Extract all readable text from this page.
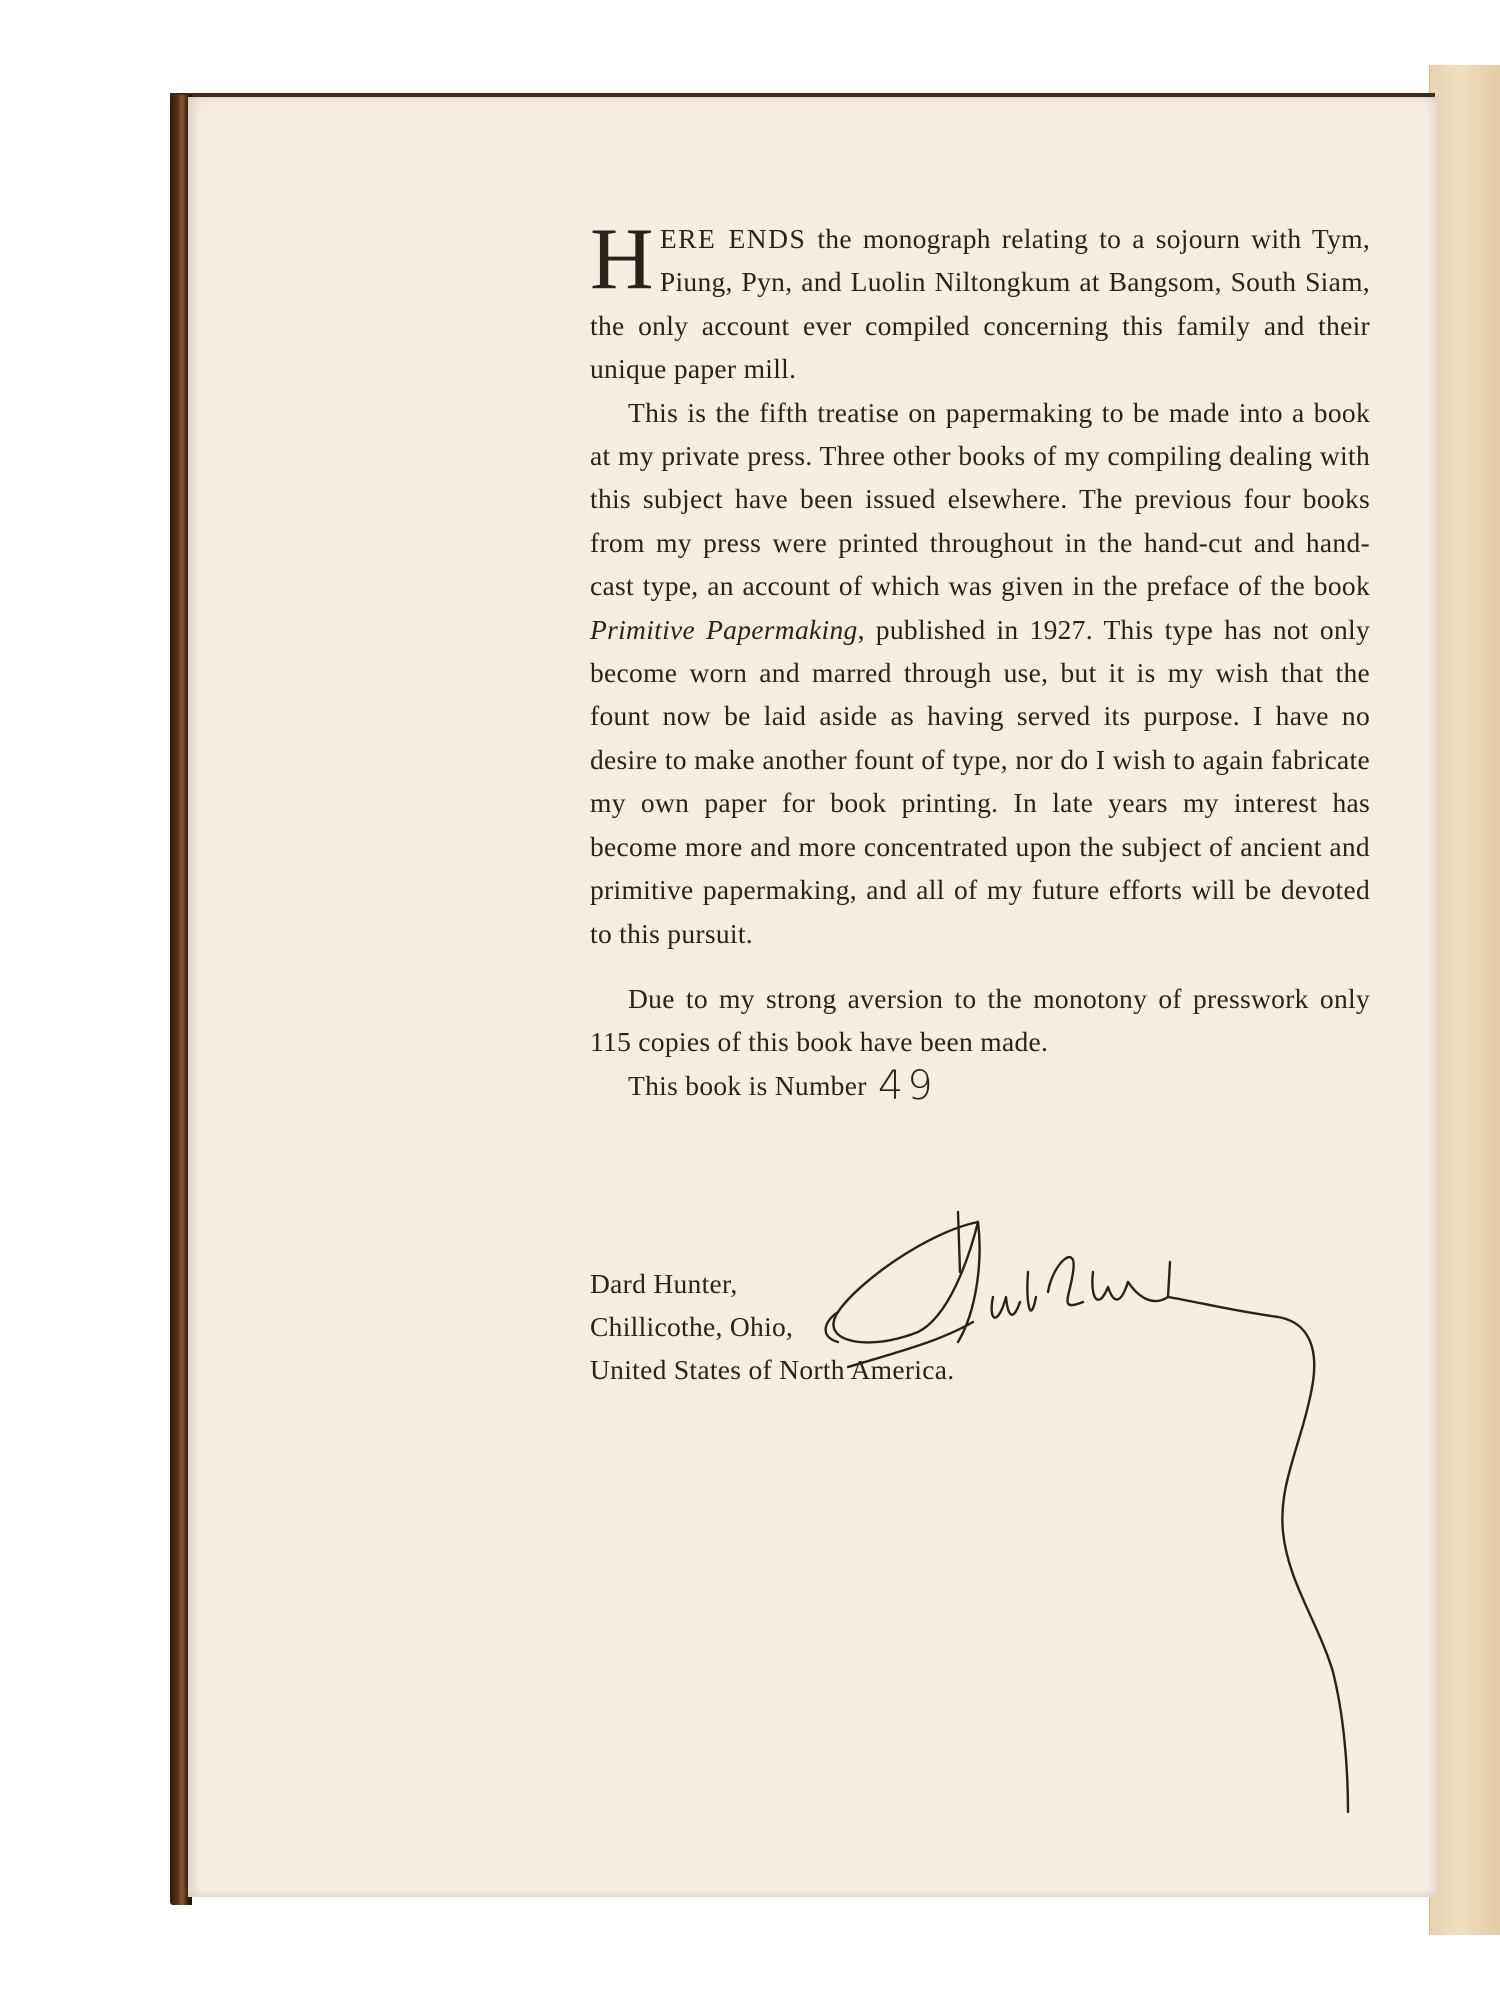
HERE ENDS the monograph relating to a sojourn with Tym, Piung, Pyn, and Luolin Niltongkum at Bangsom, South Siam, the only account ever compiled concerning this family and their unique paper mill.

This is the fifth treatise on papermaking to be made into a book at my private press. Three other books of my compiling dealing with this subject have been issued elsewhere. The previous four books from my press were printed throughout in the hand-cut and hand-cast type, an account of which was given in the preface of the book Primitive Papermaking, published in 1927. This type has not only become worn and marred through use, but it is my wish that the fount now be laid aside as having served its purpose. I have no desire to make another fount of type, nor do I wish to again fabricate my own paper for book printing. In late years my interest has become more and more concentrated upon the subject of ancient and primitive papermaking, and all of my future efforts will be devoted to this pursuit.

Due to my strong aversion to the monotony of presswork only 115 copies of this book have been made.

This book is Number 49

Dard Hunter,
Chillicothe, Ohio,
United States of North America.
